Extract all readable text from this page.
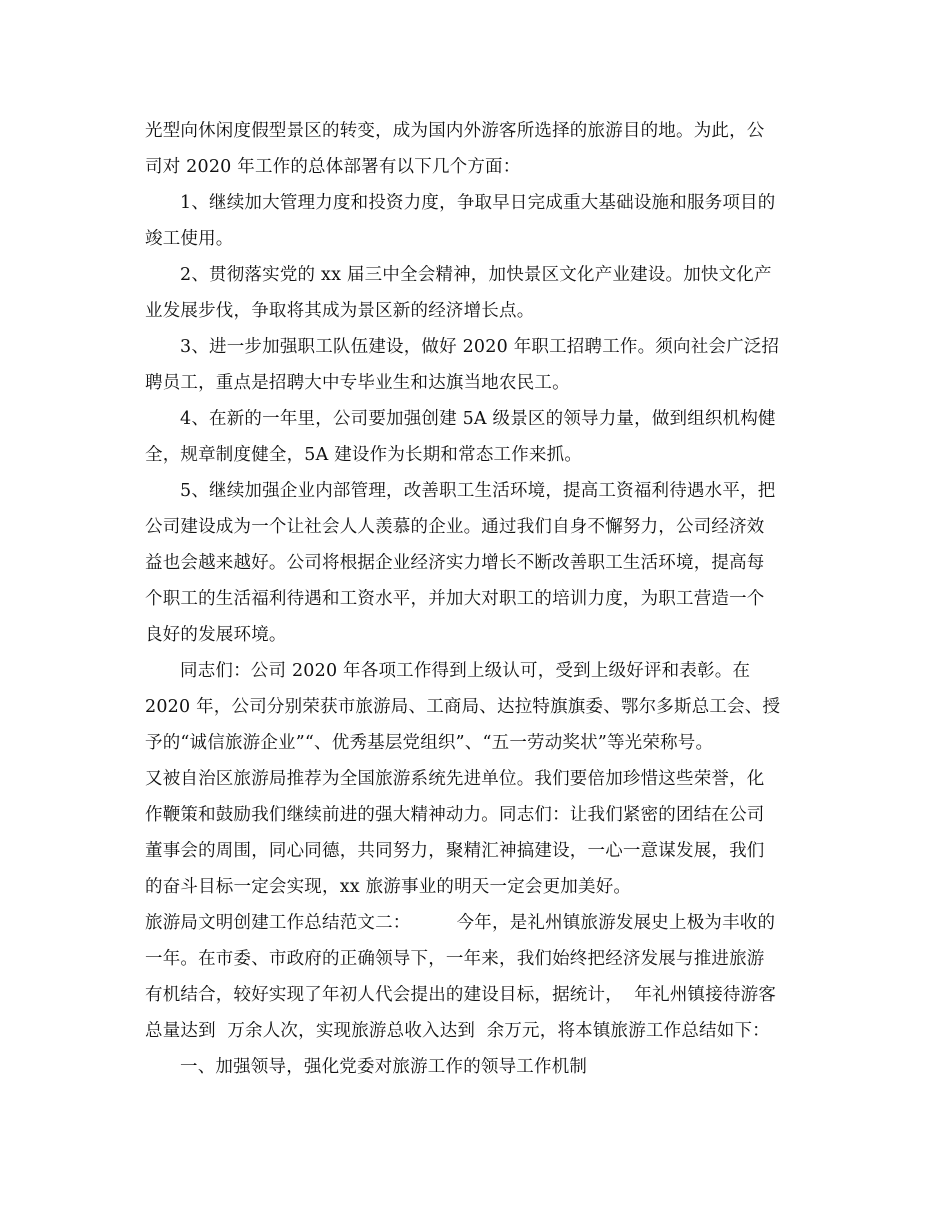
光型向休闲度假型景区的转变，成为国内外游客所选择的旅游目的地。为此，公
司对 2020 年工作的总体部署有以下几个方面：
1、继续加大管理力度和投资力度，争取早日完成重大基础设施和服务项目的
竣工使用。
2、贯彻落实党的 xx 届三中全会精神，加快景区文化产业建设。加快文化产
业发展步伐，争取将其成为景区新的经济增长点。
3、进一步加强职工队伍建设，做好 2020 年职工招聘工作。须向社会广泛招
聘员工，重点是招聘大中专毕业生和达旗当地农民工。
4、在新的一年里，公司要加强创建 5A 级景区的领导力量，做到组织机构健
全，规章制度健全，5A 建设作为长期和常态工作来抓。
5、继续加强企业内部管理，改善职工生活环境，提高工资福利待遇水平，把
公司建设成为一个让社会人人羡慕的企业。通过我们自身不懈努力，公司经济效
益也会越来越好。公司将根据企业经济实力增长不断改善职工生活环境，提高每
个职工的生活福利待遇和工资水平，并加大对职工的培训力度，为职工营造一个
良好的发展环境。
同志们：公司 2020 年各项工作得到上级认可，受到上级好评和表彰。在
2020 年，公司分别荣获市旅游局、工商局、达拉特旗旗委、鄂尔多斯总工会、授
予的“诚信旅游企业”“、优秀基层党组织”、“五一劳动奖状”等光荣称号。
又被自治区旅游局推荐为全国旅游系统先进单位。我们要倍加珍惜这些荣誉，化
作鞭策和鼓励我们继续前进的强大精神动力。同志们：让我们紧密的团结在公司
董事会的周围，同心同德，共同努力，聚精汇神搞建设，一心一意谋发展，我们
的奋斗目标一定会实现，xx 旅游事业的明天一定会更加美好。
旅游局文明创建工作总结范文二：        今年，是礼州镇旅游发展史上极为丰收的
一年。在市委、市政府的正确领导下，一年来，我们始终把经济发展与推进旅游
有机结合，较好实现了年初人代会提出的建设目标，据统计，  年礼州镇接待游客
总量达到  万余人次，实现旅游总收入达到  余万元，将本镇旅游工作总结如下：
一、加强领导，强化党委对旅游工作的领导工作机制
